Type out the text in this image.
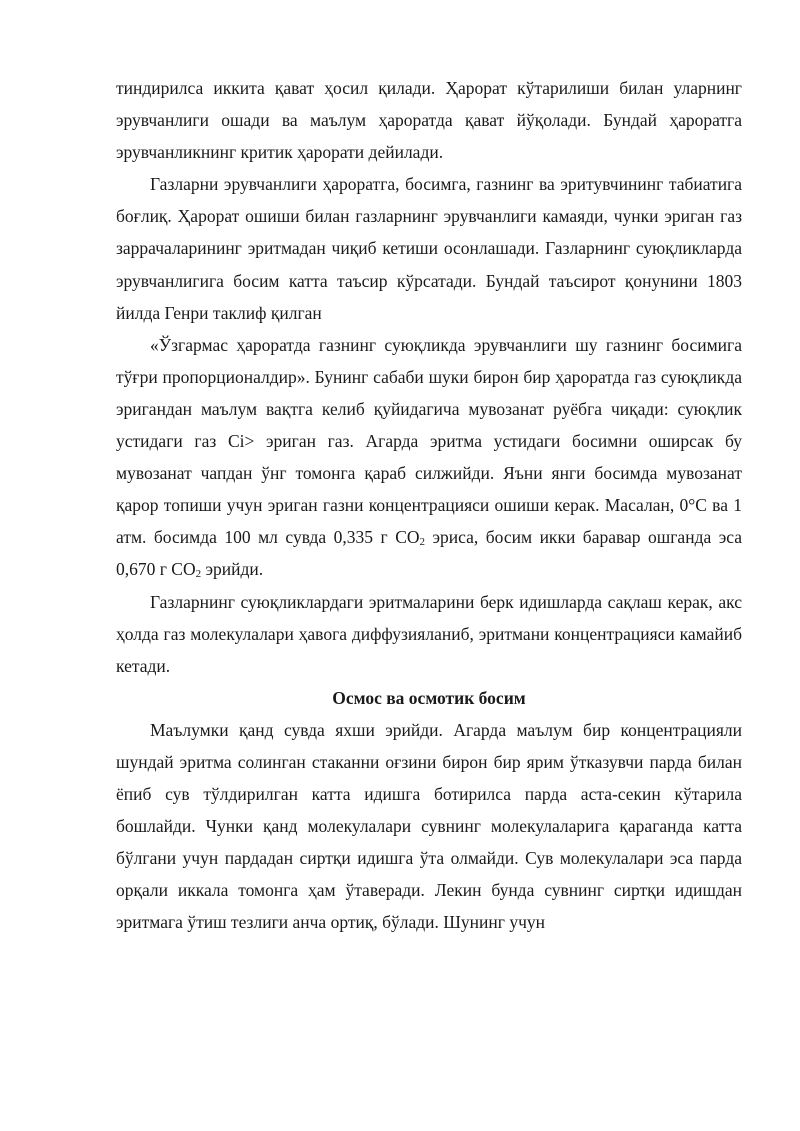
тиндирилса иккита қават ҳосил қилади. Ҳарорат кўтарилиши билан уларнинг эрувчанлиги ошади ва маълум ҳароратда қават йўқолади. Бундай ҳароратга эрувчанликнинг критик ҳарорати дейилади.

Газларни эрувчанлиги ҳароратга, босимга, газнинг ва эритувчининг табиатига боғлиқ. Ҳарорат ошиши билан газларнинг эрувчанлиги камаяди, чунки эриган газ заррачаларининг эритмадан чиқиб кетиши осонлашади. Газларнинг суюқликларда эрувчанлигига босим катта таъсир кўрсатади. Бундай таъсирот қонунини 1803 йилда Генри таклиф қилган

«Ўзгармас ҳароратда газнинг суюқликда эрувчанлиги шу газнинг босимига тўғри пропорционалдир». Бунинг сабаби шуки бирон бир ҳароратда газ суюқликда эригандан маълум вақтга келиб қуйидагича мувозанат руёбга чиқади: суюқлик устидаги газ Ci> эриган газ. Агарда эритма устидаги босимни оширсак бу мувозанат чапдан ўнг томонга қараб силжийди. Яъни янги босимда мувозанат қарор топиши учун эриган газни концентрацияси ошиши керак. Масалан, 0°С ва 1 атм. босимда 100 мл сувда 0,335 г $СО_2$ эриса, босим икки баравар ошганда эса 0,670 г $СО_2$ эрийди.

Газларнинг суюқликлардаги эритмаларини берк идишларда сақлаш керак, акс ҳолда газ молекулалари ҳавога диффузияланиб, эритмани концентрацияси камайиб кетади.

Осмос ва осмотик босим

Маълумки қанд сувда яхши эрийди. Агарда маълум бир концентрацияли шундай эритма солинган стаканни оғзини бирон бир ярим ўтказувчи парда билан ёпиб сув тўлдирилган катта идишга ботирилса парда аста-секин кўтарила бошлайди. Чунки қанд молекулалари сувнинг молекулаларига қараганда катта бўлгани учун пардадан сиртқи идишга ўта олмайди. Сув молекулалари эса парда орқали иккала томонга ҳам ўтаверади. Лекин бунда сувнинг сиртқи идишдан эритмага ўтиш тезлиги анча ортиқ, бўлади. Шунинг учун
